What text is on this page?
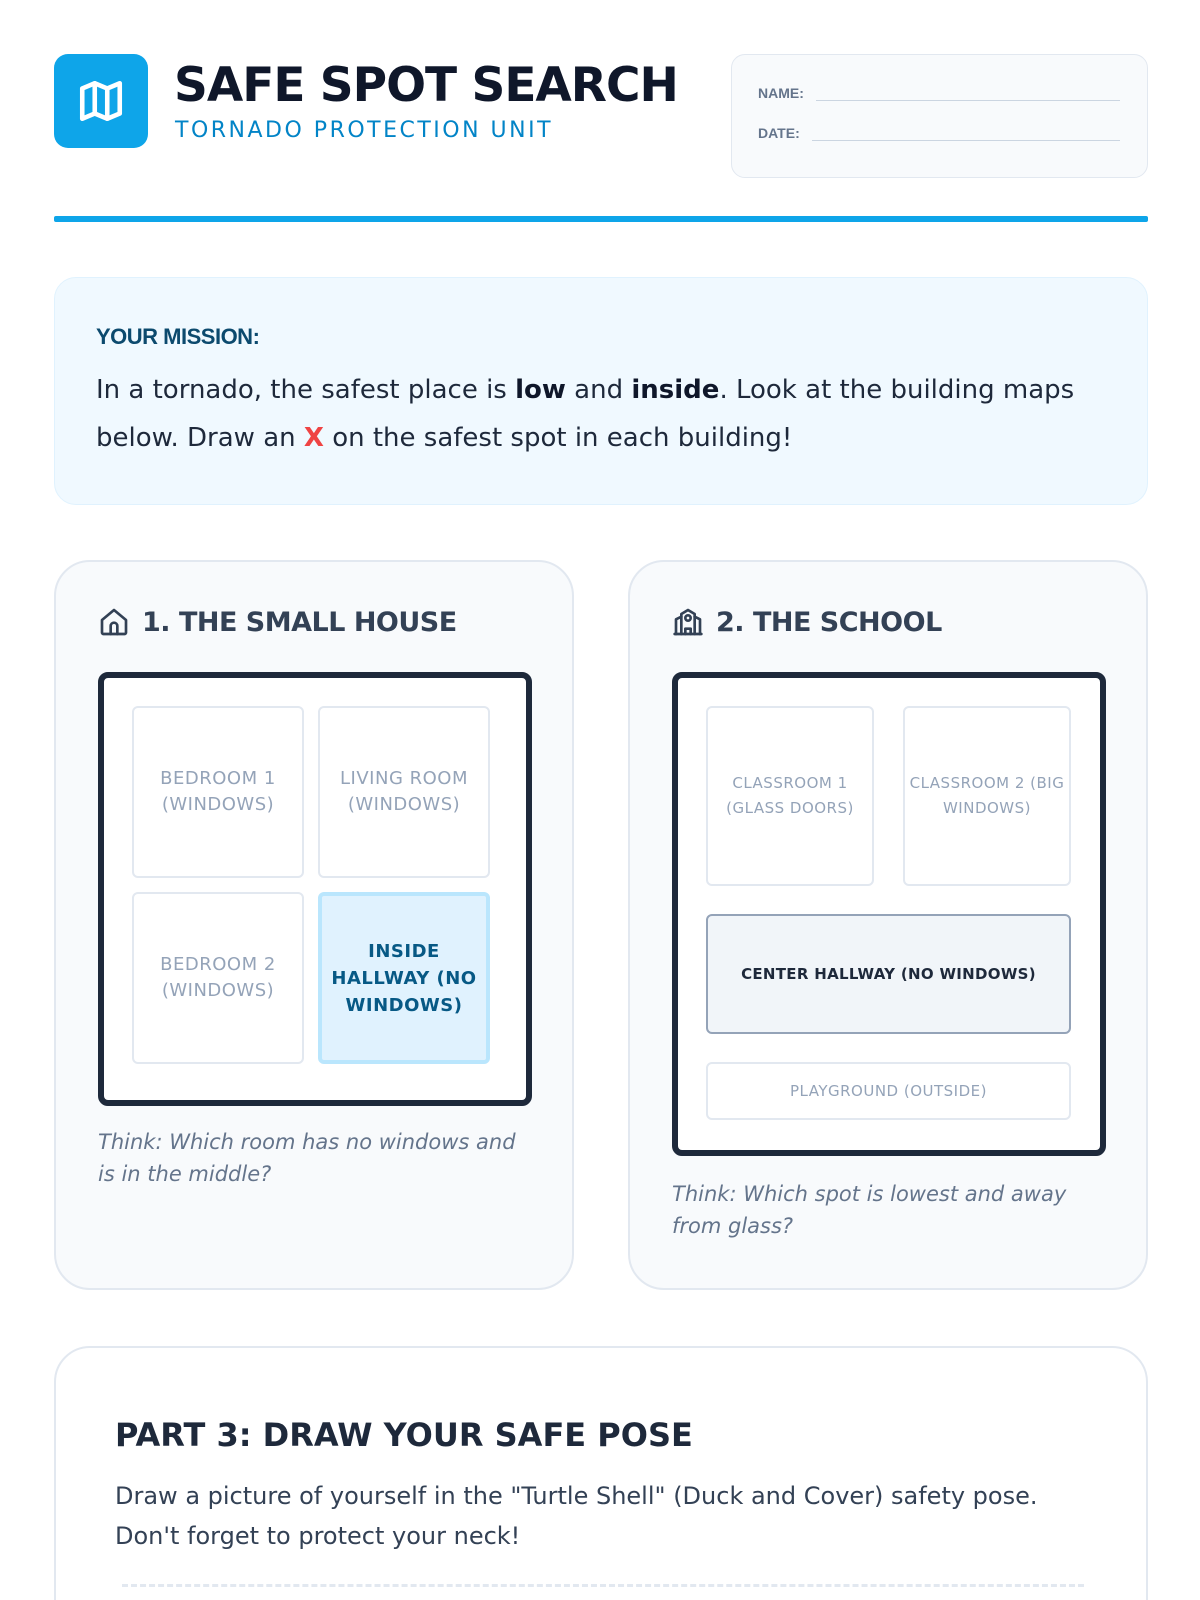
SAFE SPOT SEARCH
TORNADO PROTECTION UNIT
NAME:
DATE:
YOUR MISSION:
In a tornado, the safest place is low and inside. Look at the building maps below. Draw an X on the safest spot in each building!
1. THE SMALL HOUSE
BEDROOM 1 (WINDOWS)
LIVING ROOM (WINDOWS)
BEDROOM 2 (WINDOWS)
INSIDE HALLWAY (NO WINDOWS)
Think: Which room has no windows and is in the middle?
2. THE SCHOOL
CLASSROOM 1 (GLASS DOORS)
CLASSROOM 2 (BIG WINDOWS)
CENTER HALLWAY (NO WINDOWS)
PLAYGROUND (OUTSIDE)
Think: Which spot is lowest and away from glass?
PART 3: DRAW YOUR SAFE POSE
Draw a picture of yourself in the "Turtle Shell" (Duck and Cover) safety pose. Don't forget to protect your neck!
